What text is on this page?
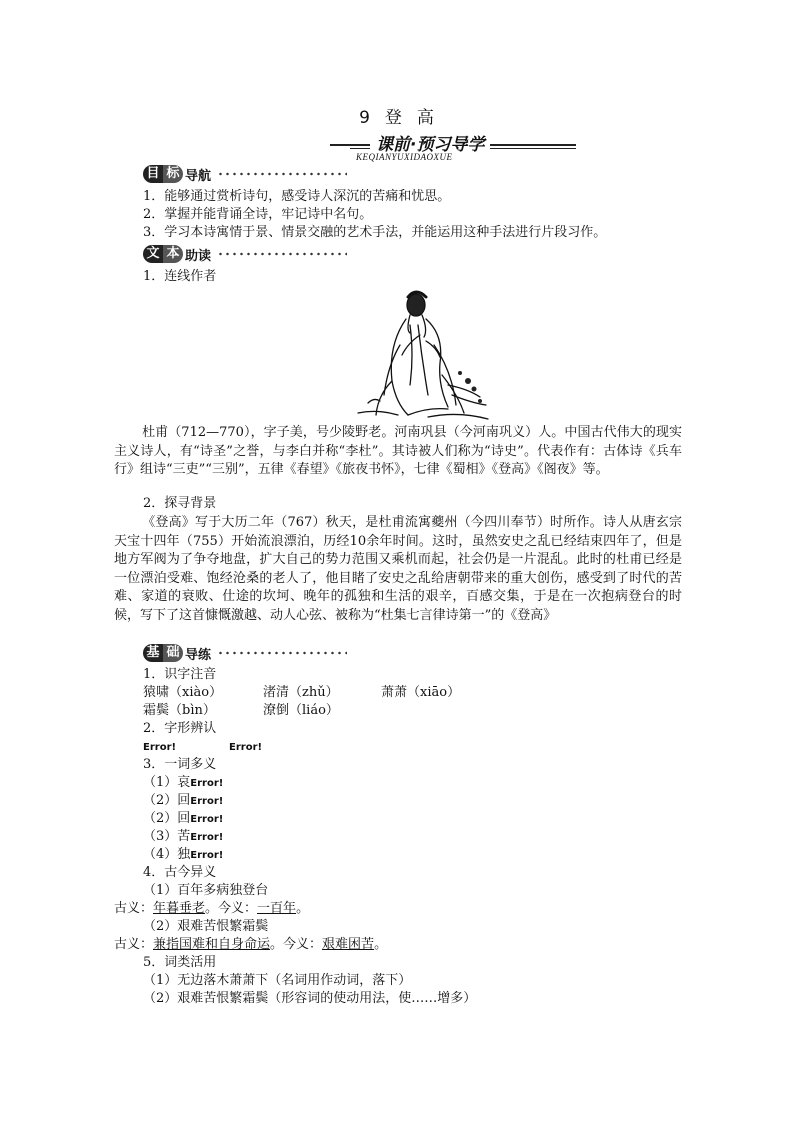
9 登 高
课前·预习导学
KEQIANYUXIDAOXUE
目 标 导航
1．能够通过赏析诗句，感受诗人深沉的苦痛和忧思。
2．掌握并能背诵全诗，牢记诗中名句。
3．学习本诗寓情于景、情景交融的艺术手法，并能运用这种手法进行片段习作。
文 本 助读
1．连线作者
杜甫（712—770），字子美，号少陵野老。河南巩县（今河南巩义）人。中国古代伟大的现实主义诗人，有“诗圣”之誉，与李白并称“李杜”。其诗被人们称为“诗史”。代表作有：古体诗《兵车行》组诗“三吏”“三别”，五律《春望》《旅夜书怀》，七律《蜀相》《登高》《阁夜》等。
2．探寻背景
《登高》写于大历二年（767）秋天，是杜甫流寓夔州（今四川奉节）时所作。诗人从唐玄宗天宝十四年（755）开始流浪漂泊，历经10余年时间。这时，虽然安史之乱已经结束四年了，但是地方军阀为了争夺地盘，扩大自己的势力范围又乘机而起，社会仍是一片混乱。此时的杜甫已经是一位漂泊受难、饱经沧桑的老人了，他目睹了安史之乱给唐朝带来的重大创伤，感受到了时代的苦难、家道的衰败、仕途的坎坷、晚年的孤独和生活的艰辛，百感交集，于是在一次抱病登台的时候，写下了这首慷慨激越、动人心弦、被称为“杜集七言律诗第一”的《登高》
基 础 导练
1．识字注音
猿啸（xiào）	渚清（zhǔ）	萧萧（xiāo）
霜鬓（bìn）	潦倒（liáo）
2．字形辨认
Error!	Error!
3．一词多义
（1）哀Error!
（2）回Error!
（2）回Error!
（3）苦Error!
（4）独Error!
4．古今异义
（1）百年多病独登台
古义：年暮垂老。今义：一百年。
（2）艰难苦恨繁霜鬓
古义：兼指国难和自身命运。今义：艰难困苦。
5．词类活用
（1）无边落木萧萧下（名词用作动词，落下）
（2）艰难苦恨繁霜鬓（形容词的使动用法，使……增多）
